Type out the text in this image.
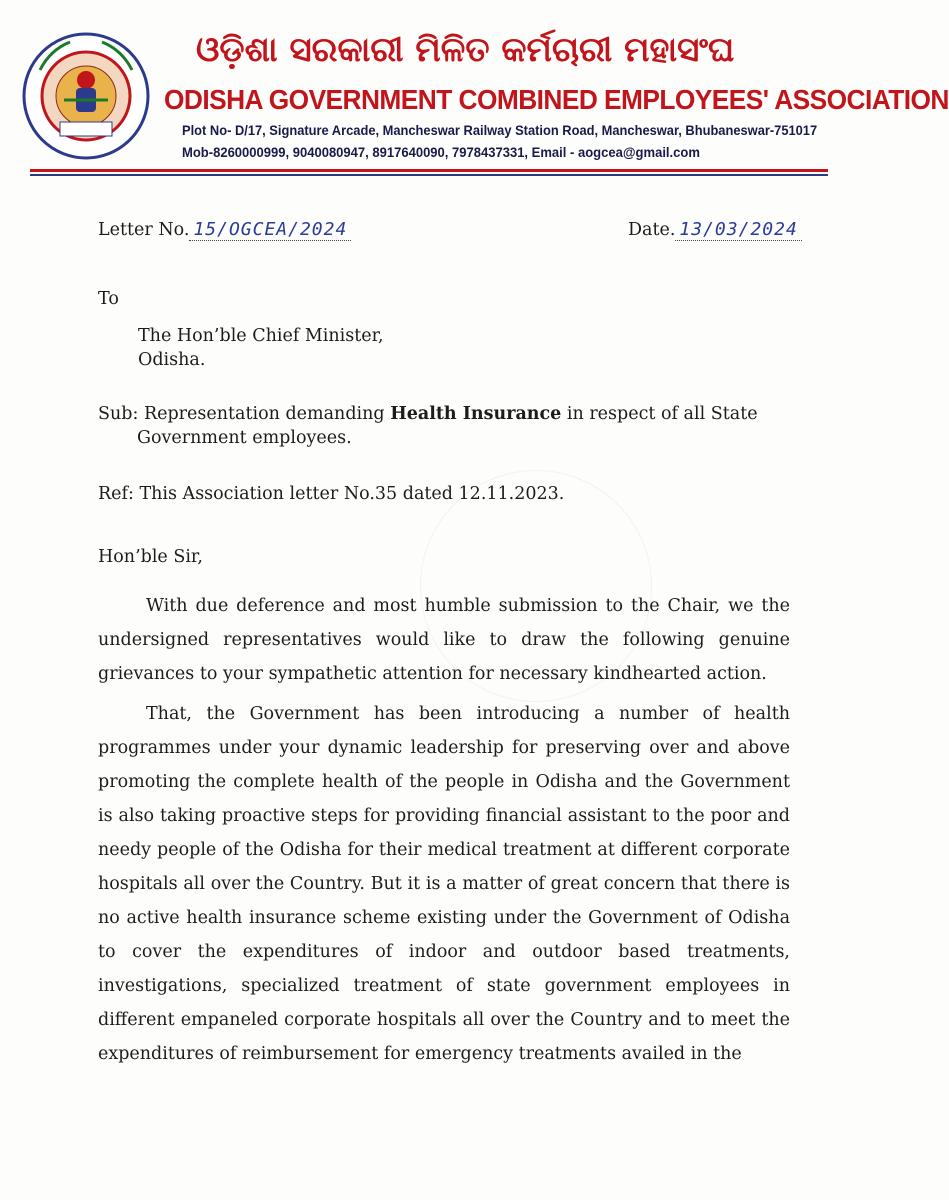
ଓଡ଼ିଶା ସରକାରୀ ମିଳିତ କର୍ମଚାରୀ ମହାସଂଘ
ODISHA GOVERNMENT COMBINED EMPLOYEES' ASSOCIATION
Plot No- D/17, Signature Arcade, Mancheswar Railway Station Road, Mancheswar, Bhubaneswar-751017
Mob-8260000999, 9040080947, 8917640090, 7978437331, Email - aogcea@gmail.com
Letter No. 15/OGCEA/2024	Date. 13/03/2024
To
The Hon’ble Chief Minister,
Odisha.
Sub: Representation demanding Health Insurance in respect of all State
Government employees.
Ref: This Association letter No.35 dated 12.11.2023.
Hon’ble Sir,

With due deference and most humble submission to the Chair, we the undersigned representatives would like to draw the following genuine grievances to your sympathetic attention for necessary kindhearted action.

That, the Government has been introducing a number of health programmes under your dynamic leadership for preserving over and above promoting the complete health of the people in Odisha and the Government is also taking proactive steps for providing financial assistant to the poor and needy people of the Odisha for their medical treatment at different corporate hospitals all over the Country. But it is a matter of great concern that there is no active health insurance scheme existing under the Government of Odisha to cover the expenditures of indoor and outdoor based treatments, investigations, specialized treatment of state government employees in different empaneled corporate hospitals all over the Country and to meet the expenditures of reimbursement for emergency treatments availed in the
